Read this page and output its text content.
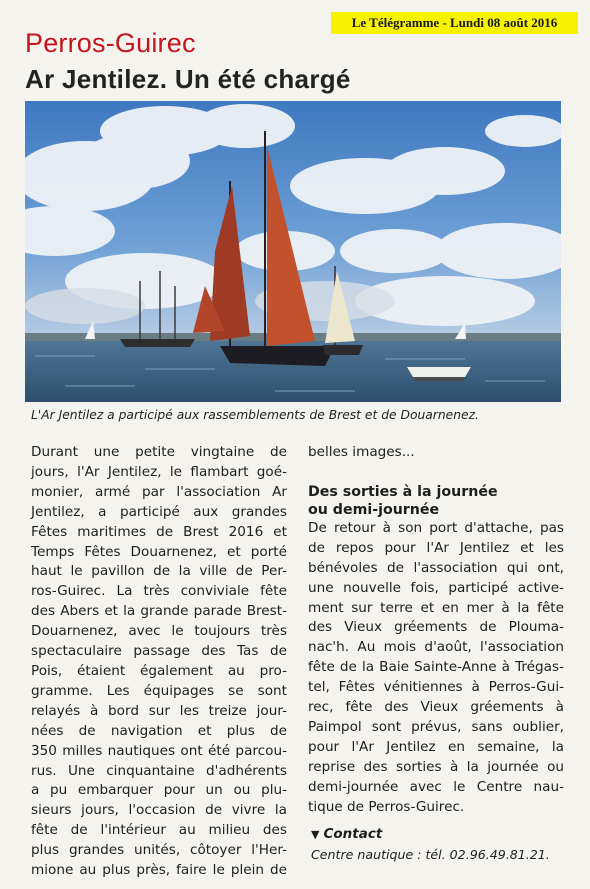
Le Télégramme - Lundi 08 août 2016
Perros-Guirec
Ar Jentilez. Un été chargé
L'Ar Jentilez a participé aux rassemblements de Brest et de Douarnenez.
Durant une petite vingtaine de
jours, l'Ar Jentilez, le flambart goé-
monier, armé par l'association Ar
Jentilez, a participé aux grandes
Fêtes maritimes de Brest 2016 et
Temps Fêtes Douarnenez, et porté
haut le pavillon de la ville de Per-
ros-Guirec. La très conviviale fête
des Abers et la grande parade Brest-
Douarnenez, avec le toujours très
spectaculaire passage des Tas de
Pois, étaient également au pro-
gramme. Les équipages se sont
relayés à bord sur les treize jour-
nées de navigation et plus de
350 milles nautiques ont été parcou-
rus. Une cinquantaine d'adhérents
a pu embarquer pour un ou plu-
sieurs jours, l'occasion de vivre la
fête de l'intérieur au milieu des
plus grandes unités, côtoyer l'Her-
mione au plus près, faire le plein de
belles images...
Des sorties à la journée
ou demi-journée
De retour à son port d'attache, pas
de repos pour l'Ar Jentilez et les
bénévoles de l'association qui ont,
une nouvelle fois, participé active-
ment sur terre et en mer à la fête
des Vieux gréements de Plouma-
nac'h. Au mois d'août, l'association
fête de la Baie Sainte-Anne à Trégas-
tel, Fêtes vénitiennes à Perros-Gui-
rec, fête des Vieux gréements à
Paimpol sont prévus, sans oublier,
pour l'Ar Jentilez en semaine, la
reprise des sorties à la journée ou
demi-journée avec le Centre nau-
tique de Perros-Guirec.
▼ Contact
Centre nautique : tél. 02.96.49.81.21.
